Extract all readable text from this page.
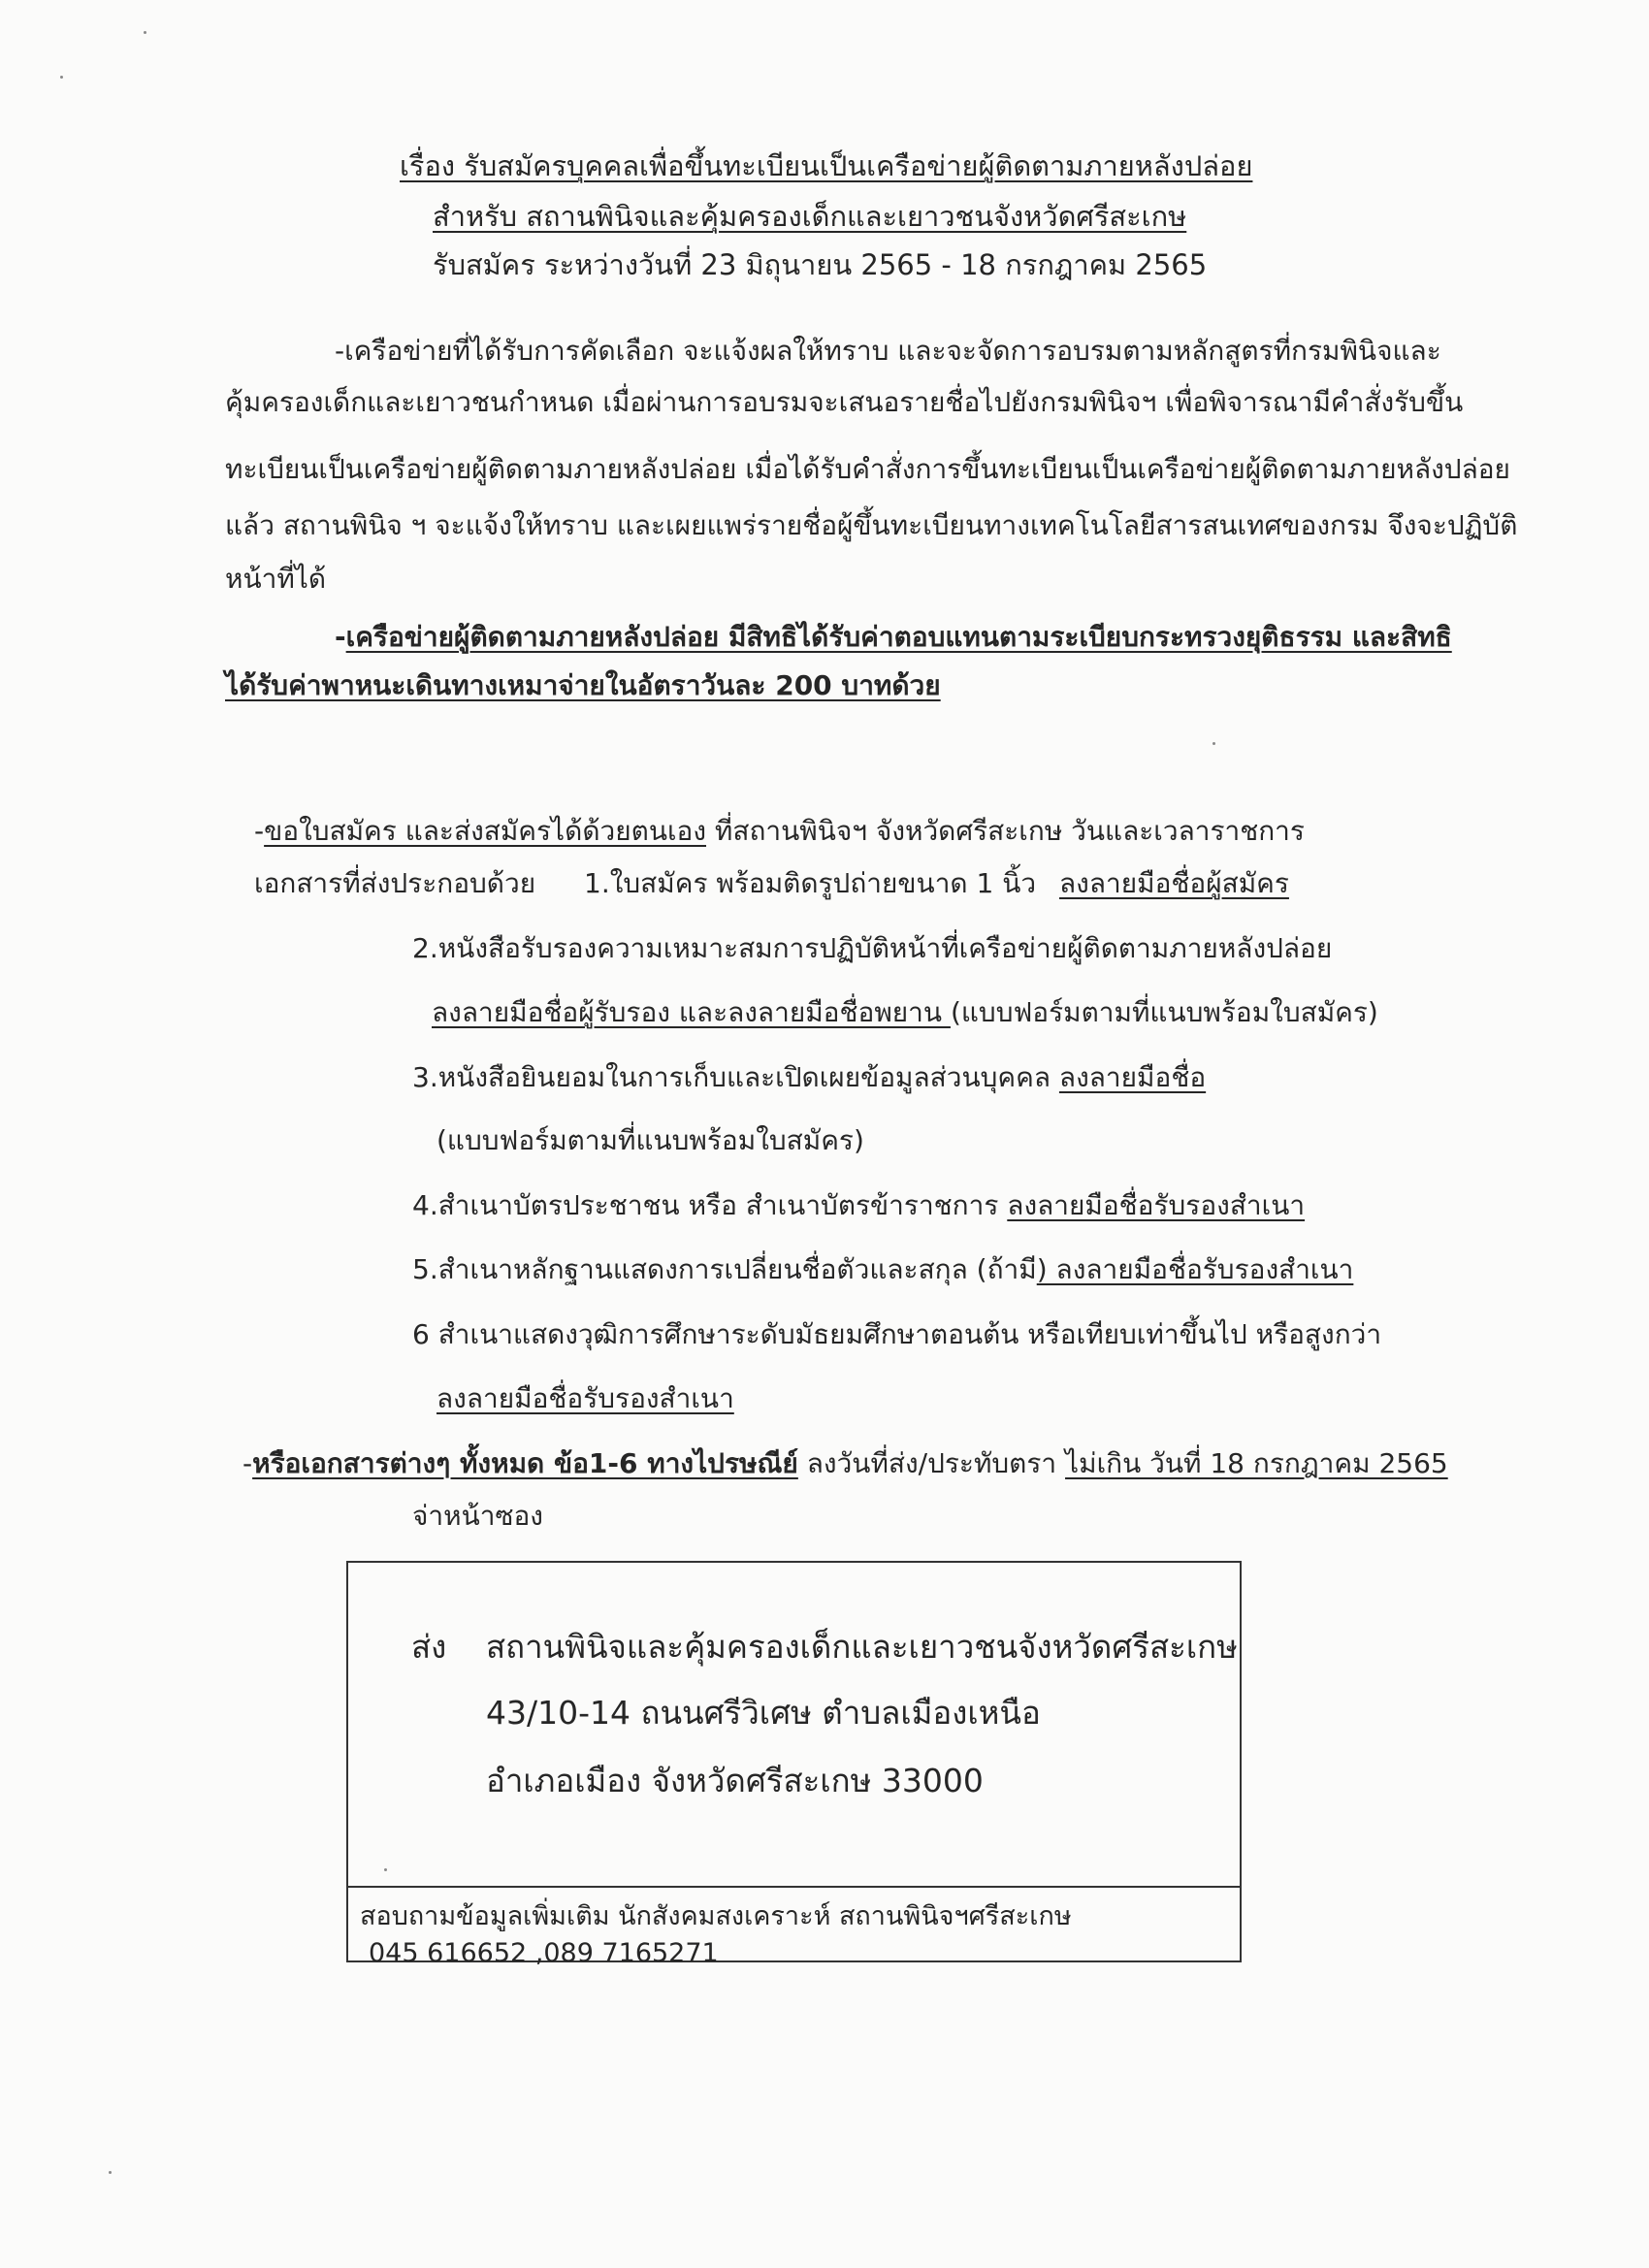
เรื่อง รับสมัครบุคคลเพื่อขึ้นทะเบียนเป็นเครือข่ายผู้ติดตามภายหลังปล่อย
สำหรับ สถานพินิจและคุ้มครองเด็กและเยาวชนจังหวัดศรีสะเกษ
รับสมัคร ระหว่างวันที่ 23 มิถุนายน 2565 - 18 กรกฎาคม 2565
-เครือข่ายที่ได้รับการคัดเลือก จะแจ้งผลให้ทราบ และจะจัดการอบรมตามหลักสูตรที่กรมพินิจและ
คุ้มครองเด็กและเยาวชนกำหนด เมื่อผ่านการอบรมจะเสนอรายชื่อไปยังกรมพินิจฯ เพื่อพิจารณามีคำสั่งรับขึ้น
ทะเบียนเป็นเครือข่ายผู้ติดตามภายหลังปล่อย เมื่อได้รับคำสั่งการขึ้นทะเบียนเป็นเครือข่ายผู้ติดตามภายหลังปล่อย
แล้ว สถานพินิจ ฯ จะแจ้งให้ทราบ และเผยแพร่รายชื่อผู้ขึ้นทะเบียนทางเทคโนโลยีสารสนเทศของกรม จึงจะปฏิบัติ
หน้าที่ได้
-เครือข่ายผู้ติดตามภายหลังปล่อย มีสิทธิได้รับค่าตอบแทนตามระเบียบกระทรวงยุติธรรม และสิทธิ
ได้รับค่าพาหนะเดินทางเหมาจ่ายในอัตราวันละ 200 บาทด้วย
-ขอใบสมัคร และส่งสมัครได้ด้วยตนเอง ที่สถานพินิจฯ จังหวัดศรีสะเกษ วันและเวลาราชการ
เอกสารที่ส่งประกอบด้วย 1.ใบสมัคร พร้อมติดรูปถ่ายขนาด 1 นิ้ว ลงลายมือชื่อผู้สมัคร
2.หนังสือรับรองความเหมาะสมการปฏิบัติหน้าที่เครือข่ายผู้ติดตามภายหลังปล่อย
ลงลายมือชื่อผู้รับรอง และลงลายมือชื่อพยาน (แบบฟอร์มตามที่แนบพร้อมใบสมัคร)
3.หนังสือยินยอมในการเก็บและเปิดเผยข้อมูลส่วนบุคคล ลงลายมือชื่อ
(แบบฟอร์มตามที่แนบพร้อมใบสมัคร)
4.สำเนาบัตรประชาชน หรือ สำเนาบัตรข้าราชการ ลงลายมือชื่อรับรองสำเนา
5.สำเนาหลักฐานแสดงการเปลี่ยนชื่อตัวและสกุล (ถ้ามี) ลงลายมือชื่อรับรองสำเนา
6 สำเนาแสดงวุฒิการศึกษาระดับมัธยมศึกษาตอนต้น หรือเทียบเท่าขึ้นไป หรือสูงกว่า
ลงลายมือชื่อรับรองสำเนา
-หรือเอกสารต่างๆ ทั้งหมด ข้อ1-6 ทางไปรษณีย์ ลงวันที่ส่ง/ประทับตรา ไม่เกิน วันที่ 18 กรกฎาคม 2565
จ่าหน้าซอง
ส่ง สถานพินิจและคุ้มครองเด็กและเยาวชนจังหวัดศรีสะเกษ
43/10-14 ถนนศรีวิเศษ ตำบลเมืองเหนือ
อำเภอเมือง จังหวัดศรีสะเกษ 33000
สอบถามข้อมูลเพิ่มเติม นักสังคมสงเคราะห์ สถานพินิจฯศรีสะเกษ
045 616652 ,089 7165271
